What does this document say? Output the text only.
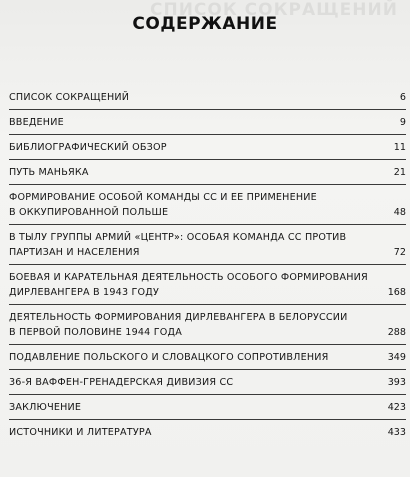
СПИСОК СОКРАЩЕНИЙ
СОДЕРЖАНИЕ
СПИСОК СОКРАЩЕНИЙ	6
ВВЕДЕНИЕ	9
БИБЛИОГРАФИЧЕСКИЙ ОБЗОР	11
ПУТЬ МАНЬЯКА	21
ФОРМИРОВАНИЕ ОСОБОЙ КОМАНДЫ СС И ЕЕ ПРИМЕНЕНИЕ
В ОККУПИРОВАННОЙ ПОЛЬШЕ	48
В ТЫЛУ ГРУППЫ АРМИЙ «ЦЕНТР»: ОСОБАЯ КОМАНДА СС ПРОТИВ
ПАРТИЗАН И НАСЕЛЕНИЯ	72
БОЕВАЯ И КАРАТЕЛЬНАЯ ДЕЯТЕЛЬНОСТЬ ОСОБОГО ФОРМИРОВАНИЯ
ДИРЛЕВАНГЕРА В 1943 ГОДУ	168
ДЕЯТЕЛЬНОСТЬ ФОРМИРОВАНИЯ ДИРЛЕВАНГЕРА В БЕЛОРУССИИ
В ПЕРВОЙ ПОЛОВИНЕ 1944 ГОДА	288
ПОДАВЛЕНИЕ ПОЛЬСКОГО И СЛОВАЦКОГО СОПРОТИВЛЕНИЯ	349
36-Я ВАФФЕН-ГРЕНАДЕРСКАЯ ДИВИЗИЯ СС	393
ЗАКЛЮЧЕНИЕ	423
ИСТОЧНИКИ И ЛИТЕРАТУРА	433
